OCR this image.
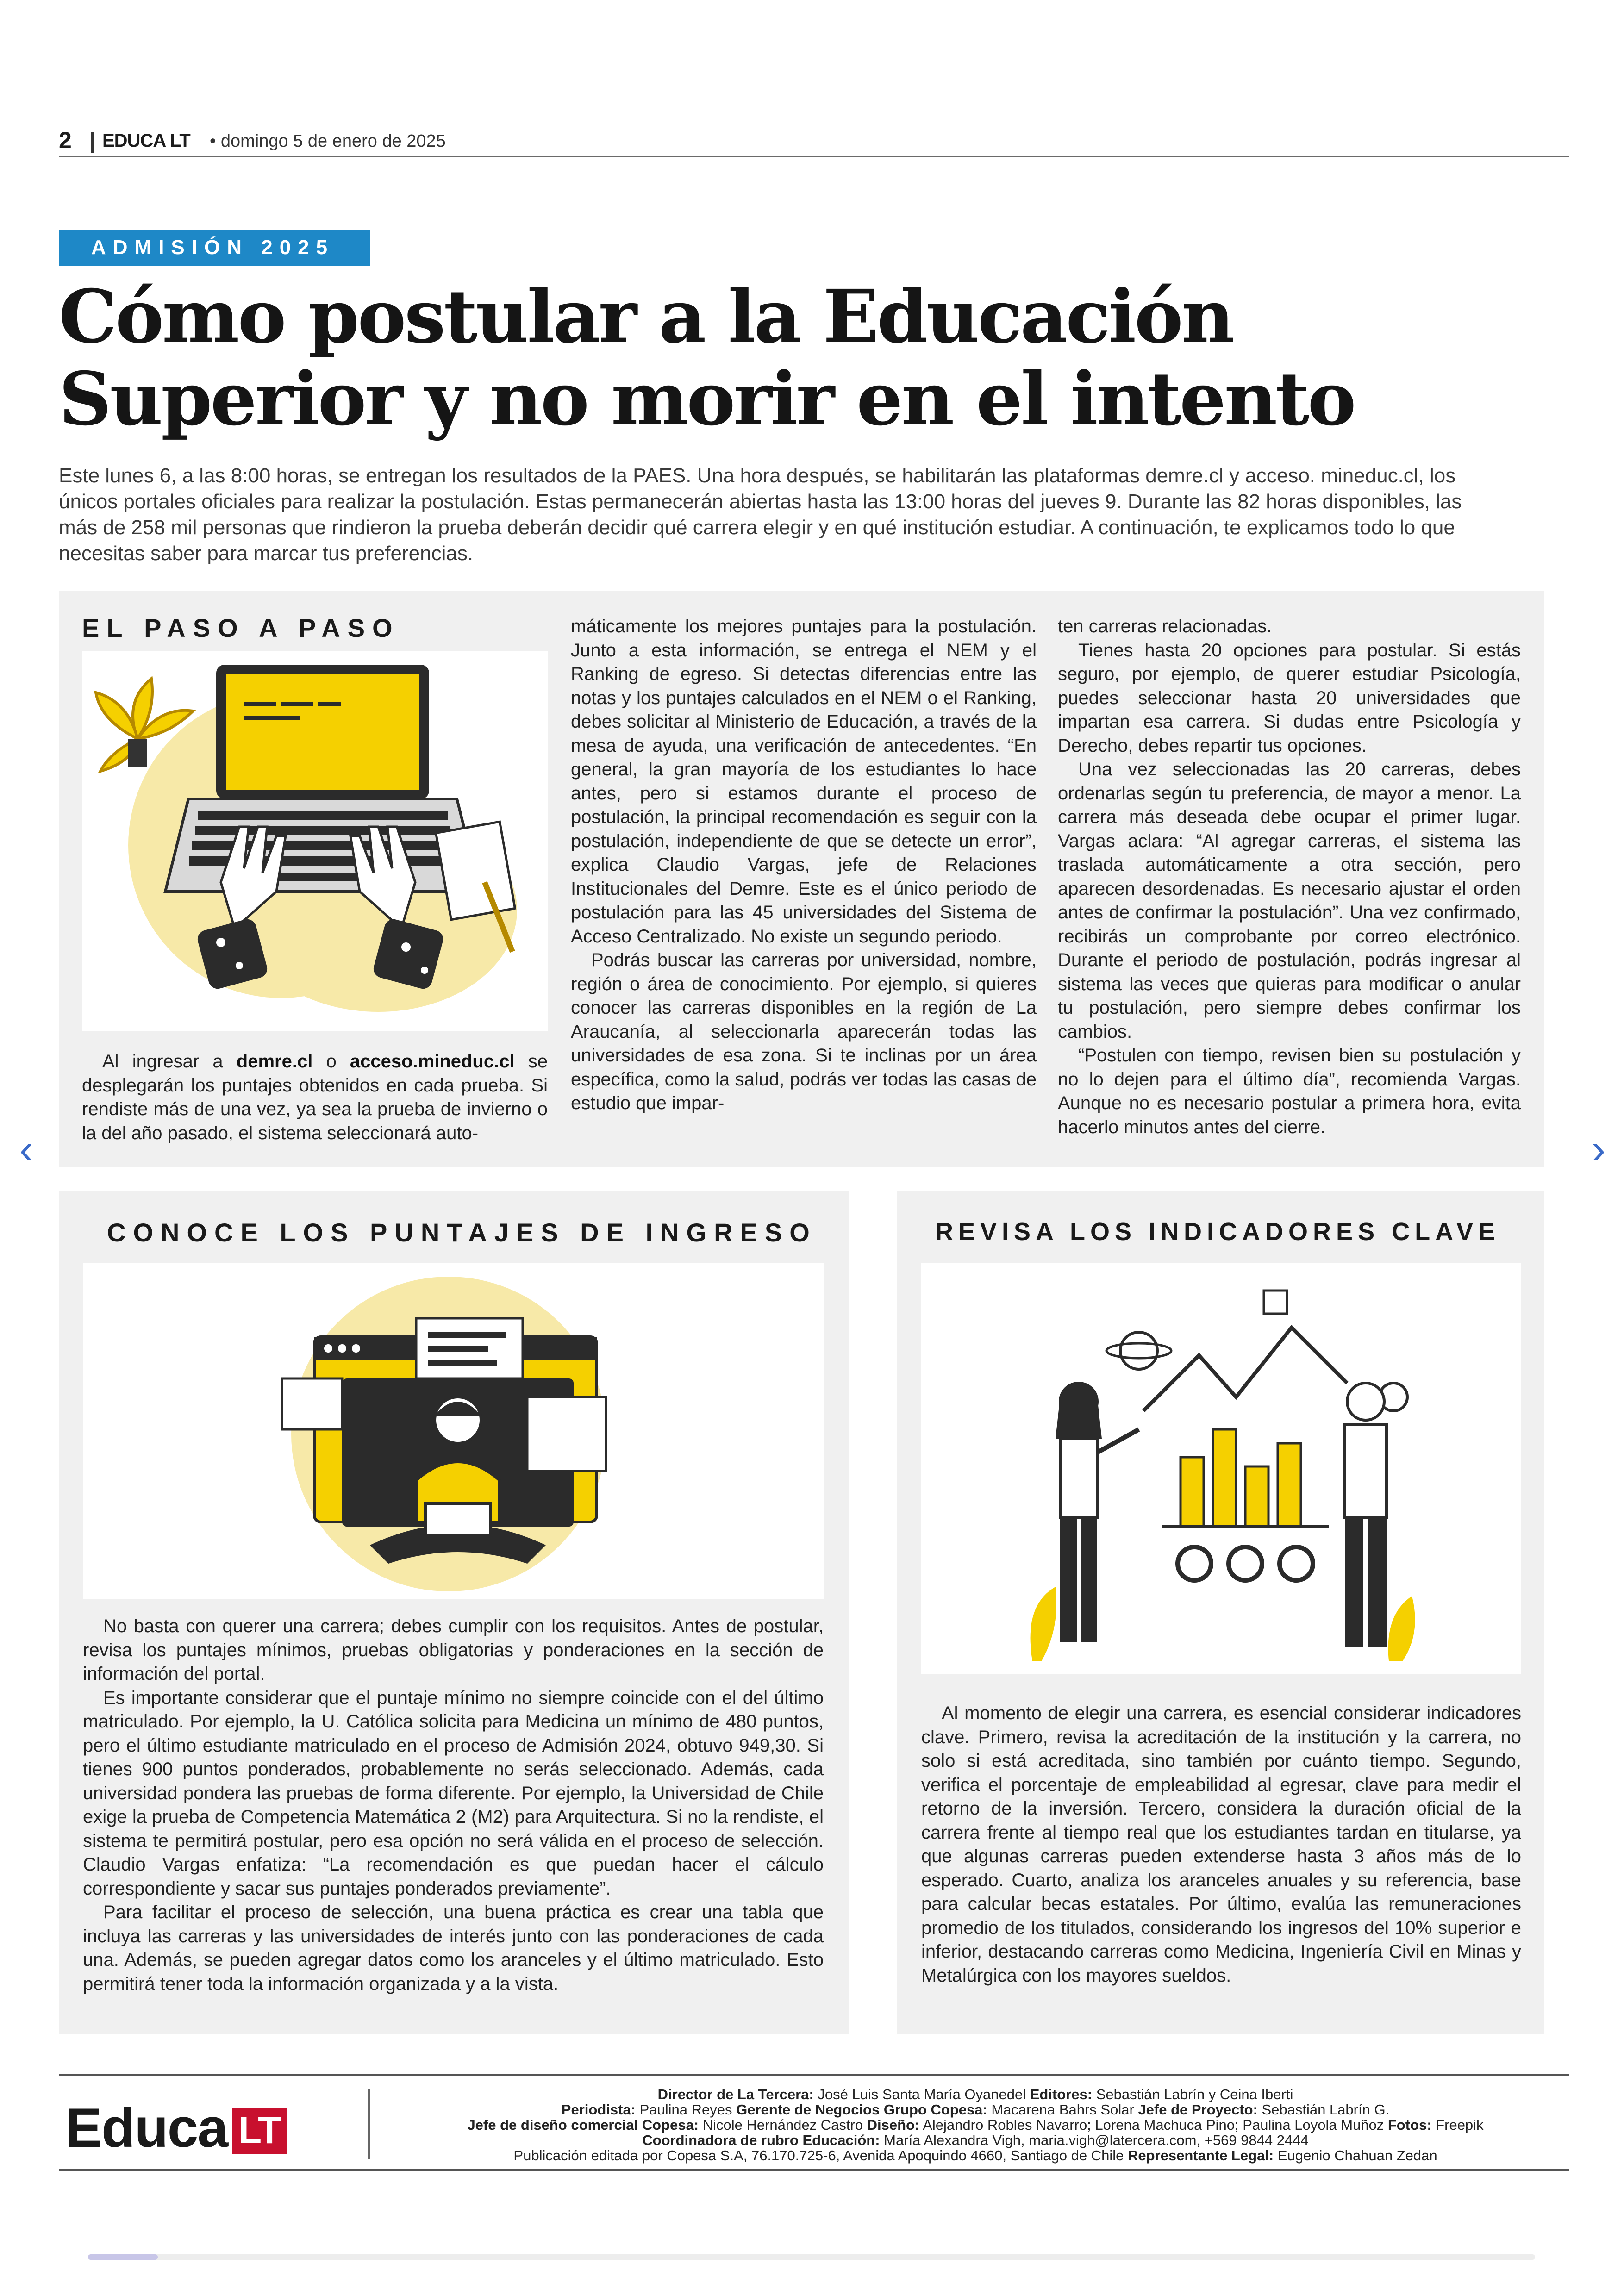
2 EDUCA LT • domingo 5 de enero de 2025
ADMISIÓN 2025
Cómo postular a la Educación
Superior y no morir en el intento

Este lunes 6, a las 8:00 horas, se entregan los resultados de la PAES. Una hora después, se habilitarán las plataformas demre.cl y acceso. mineduc.cl, los únicos portales oficiales para realizar la postulación. Estas permanecerán abiertas hasta las 13:00 horas del jueves 9. Durante las 82 horas disponibles, las más de 258 mil personas que rindieron la prueba deberán decidir qué carrera elegir y en qué institución estudiar. A continuación, te explicamos todo lo que necesitas saber para marcar tus preferencias.

EL PASO A PASO

Al ingresar a demre.cl o acceso.mineduc.cl se desplegarán los puntajes obtenidos en cada prueba. Si rendiste más de una vez, ya sea la prueba de invierno o la del año pasado, el sistema seleccionará auto-

máticamente los mejores puntajes para la postulación. Junto a esta información, se entrega el NEM y el Ranking de egreso. Si detectas diferencias entre las notas y los puntajes calculados en el NEM o el Ranking, debes solicitar al Ministerio de Educación, a través de la mesa de ayuda, una verificación de antecedentes. “En general, la gran mayoría de los estudiantes lo hace antes, pero si estamos durante el proceso de postulación, la principal recomendación es seguir con la postulación, independiente de que se detecte un error”, explica Claudio Vargas, jefe de Relaciones Institucionales del Demre. Este es el único periodo de postulación para las 45 universidades del Sistema de Acceso Centralizado. No existe un segundo periodo.

Podrás buscar las carreras por universidad, nombre, región o área de conocimiento. Por ejemplo, si quieres conocer las carreras disponibles en la región de La Araucanía, al seleccionarla aparecerán todas las universidades de esa zona. Si te inclinas por un área específica, como la salud, podrás ver todas las casas de estudio que impar-

ten carreras relacionadas.

Tienes hasta 20 opciones para postular. Si estás seguro, por ejemplo, de querer estudiar Psicología, puedes seleccionar hasta 20 universidades que impartan esa carrera. Si dudas entre Psicología y Derecho, debes repartir tus opciones.

Una vez seleccionadas las 20 carreras, debes ordenarlas según tu preferencia, de mayor a menor. La carrera más deseada debe ocupar el primer lugar. Vargas aclara: “Al agregar carreras, el sistema las traslada automáticamente a otra sección, pero aparecen desordenadas. Es necesario ajustar el orden antes de confirmar la postulación”. Una vez confirmado, recibirás un comprobante por correo electrónico. Durante el periodo de postulación, podrás ingresar al sistema las veces que quieras para modificar o anular tu postulación, pero siempre debes confirmar los cambios.

“Postulen con tiempo, revisen bien su postulación y no lo dejen para el último día”, recomienda Vargas. Aunque no es necesario postular a primera hora, evita hacerlo minutos antes del cierre.

CONOCE LOS PUNTAJES DE INGRESO

No basta con querer una carrera; debes cumplir con los requisitos. Antes de postular, revisa los puntajes mínimos, pruebas obligatorias y ponderaciones en la sección de información del portal.

Es importante considerar que el puntaje mínimo no siempre coincide con el del último matriculado. Por ejemplo, la U. Católica solicita para Medicina un mínimo de 480 puntos, pero el último estudiante matriculado en el proceso de Admisión 2024, obtuvo 949,30. Si tienes 900 puntos ponderados, probablemente no serás seleccionado. Además, cada universidad pondera las pruebas de forma diferente. Por ejemplo, la Universidad de Chile exige la prueba de Competencia Matemática 2 (M2) para Arquitectura. Si no la rendiste, el sistema te permitirá postular, pero esa opción no será válida en el proceso de selección. Claudio Vargas enfatiza: “La recomendación es que puedan hacer el cálculo correspondiente y sacar sus puntajes ponderados previamente”.

Para facilitar el proceso de selección, una buena práctica es crear una tabla que incluya las carreras y las universidades de interés junto con las ponderaciones de cada una. Además, se pueden agregar datos como los aranceles y el último matriculado. Esto permitirá tener toda la información organizada y a la vista.

REVISA LOS INDICADORES CLAVE

Al momento de elegir una carrera, es esencial considerar indicadores clave. Primero, revisa la acreditación de la institución y la carrera, no solo si está acreditada, sino también por cuánto tiempo. Segundo, verifica el porcentaje de empleabilidad al egresar, clave para medir el retorno de la inversión. Tercero, considera la duración oficial de la carrera frente al tiempo real que los estudiantes tardan en titularse, ya que algunas carreras pueden extenderse hasta 3 años más de lo esperado. Cuarto, analiza los aranceles anuales y su referencia, base para calcular becas estatales. Por último, evalúa las remuneraciones promedio de los titulados, considerando los ingresos del 10% superior e inferior, destacando carreras como Medicina, Ingeniería Civil en Minas y Metalúrgica con los mayores sueldos.

‹	›
Educa LT
Director de La Tercera: José Luis Santa María Oyanedel Editores: Sebastián Labrín y Ceina Iberti
Periodista: Paulina Reyes Gerente de Negocios Grupo Copesa: Macarena Bahrs Solar Jefe de Proyecto: Sebastián Labrín G.
Jefe de diseño comercial Copesa: Nicole Hernández Castro Diseño: Alejandro Robles Navarro; Lorena Machuca Pino; Paulina Loyola Muñoz Fotos: Freepik
Coordinadora de rubro Educación: María Alexandra Vigh, maria.vigh@latercera.com, +569 9844 2444
Publicación editada por Copesa S.A, 76.170.725-6, Avenida Apoquindo 4660, Santiago de Chile Representante Legal: Eugenio Chahuan Zedan
